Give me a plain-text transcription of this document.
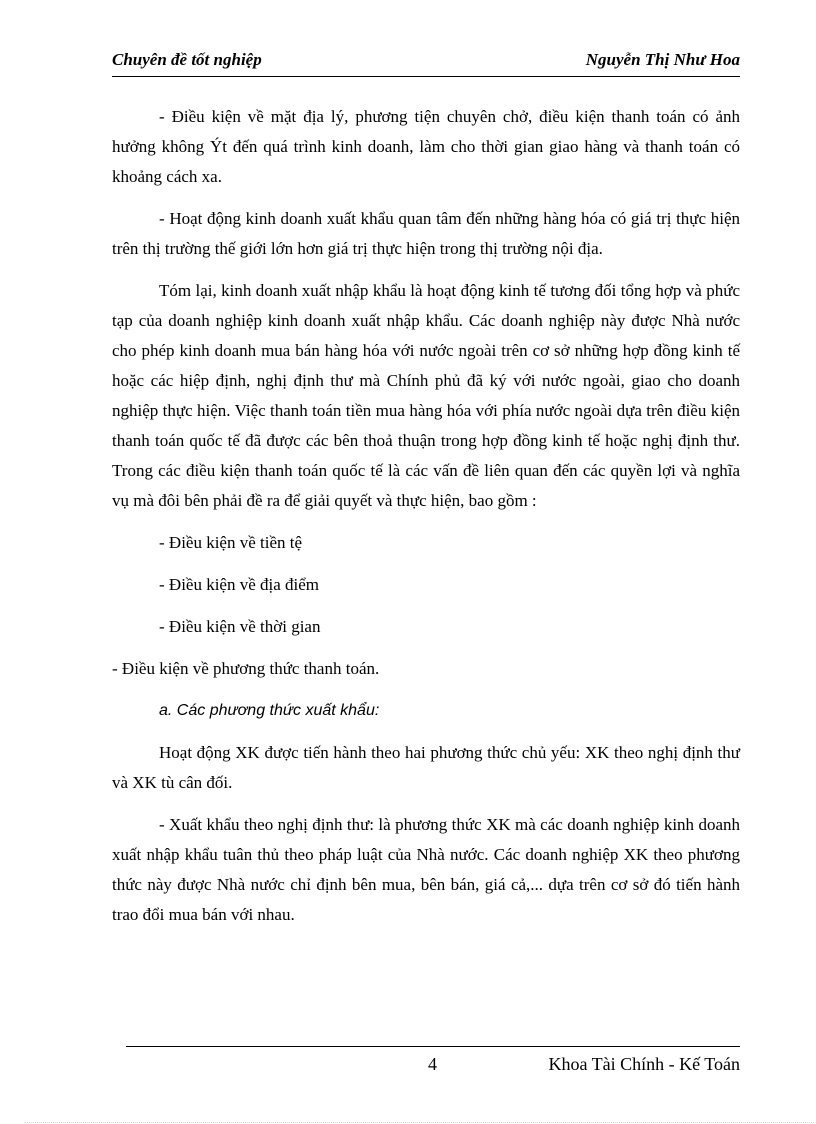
Chuyên đề tốt nghiệp	Nguyễn Thị Như Hoa

- Điều kiện về mặt địa lý, phương tiện chuyên chở, điều kiện thanh toán có ảnh hưởng không Ýt đến quá trình kinh doanh, làm cho thời gian giao hàng và thanh toán có khoảng cách xa.

- Hoạt động kinh doanh xuất khẩu quan tâm đến những hàng hóa có giá trị thực hiện trên thị trường thế giới lớn hơn giá trị thực hiện trong thị trường nội địa.

Tóm lại, kinh doanh xuất nhập khẩu là hoạt động kinh tế tương đối tổng hợp và phức tạp của doanh nghiệp kinh doanh xuất nhập khẩu. Các doanh nghiệp này được Nhà nước cho phép kinh doanh mua bán hàng hóa với nước ngoài trên cơ sở những hợp đồng kinh tế hoặc các hiệp định, nghị định thư mà Chính phủ đã ký với nước ngoài, giao cho doanh nghiệp thực hiện. Việc thanh toán tiền mua hàng hóa với phía nước ngoài dựa trên điều kiện thanh toán quốc tế đã được các bên thoả thuận trong hợp đồng kinh tế hoặc nghị định thư. Trong các điều kiện thanh toán quốc tế là các vấn đề liên quan đến các quyền lợi và nghĩa vụ mà đôi bên phải đề ra để giải quyết và thực hiện, bao gồm :

- Điều kiện về tiền tệ

- Điều kiện về địa điểm

- Điều kiện về thời gian

- Điều kiện về phương thức thanh toán.

a. Các phương thức xuất khẩu:

Hoạt động XK được tiến hành theo hai phương thức chủ yếu: XK theo nghị định thư và XK tù cân đối.

- Xuất khẩu theo nghị định thư: là phương thức XK mà các doanh nghiệp kinh doanh xuất nhập khẩu tuân thủ theo pháp luật của Nhà nước. Các doanh nghiệp XK theo phương thức này được Nhà nước chỉ định bên mua, bên bán, giá cả,... dựa trên cơ sở đó tiến hành trao đổi mua bán với nhau.

4	Khoa Tài Chính - Kế Toán
